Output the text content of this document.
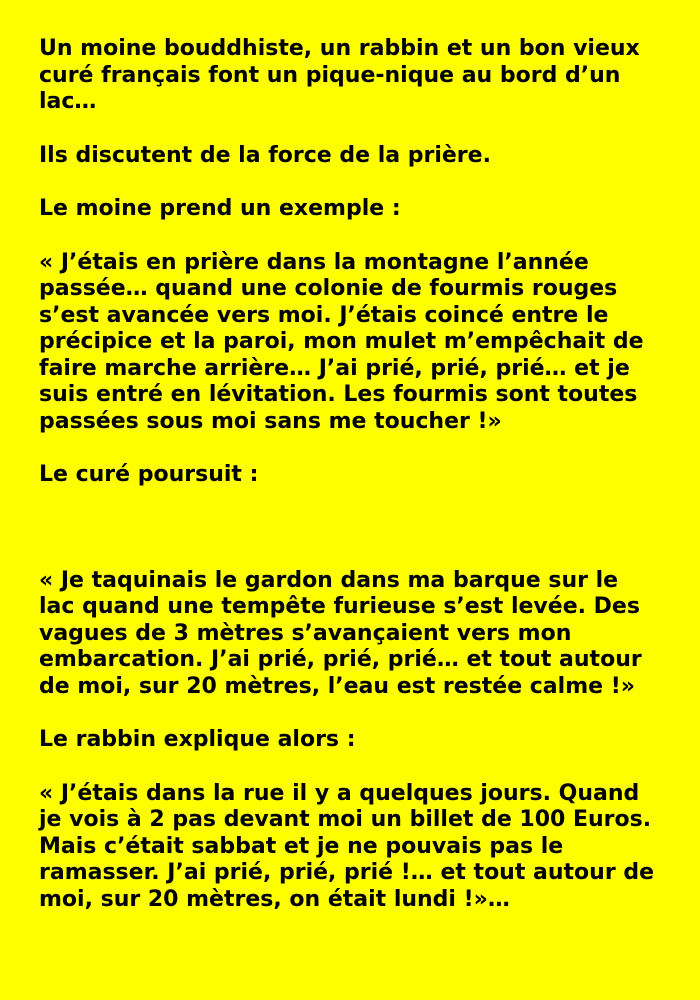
Un moine bouddhiste, un rabbin et un bon vieux curé français font un pique-nique au bord d’un lac…

Ils discutent de la force de la prière.

Le moine prend un exemple :

« J’étais en prière dans la montagne l’année passée… quand une colonie de fourmis rouges s’est avancée vers moi. J’étais coincé entre le précipice et la paroi, mon mulet m’empêchait de faire marche arrière… J’ai prié, prié, prié… et je suis entré en lévitation. Les fourmis sont toutes passées sous moi sans me toucher !»

Le curé poursuit :

« Je taquinais le gardon dans ma barque sur le lac quand une tempête furieuse s’est levée. Des vagues de 3 mètres s’avançaient vers mon embarcation. J’ai prié, prié, prié… et tout autour de moi, sur 20 mètres, l’eau est restée calme !»

Le rabbin explique alors :

« J’étais dans la rue il y a quelques jours. Quand je vois à 2 pas devant moi un billet de 100 Euros. Mais c’était sabbat et je ne pouvais pas le ramasser. J’ai prié, prié, prié !… et tout autour de moi, sur 20 mètres, on était lundi !»…
